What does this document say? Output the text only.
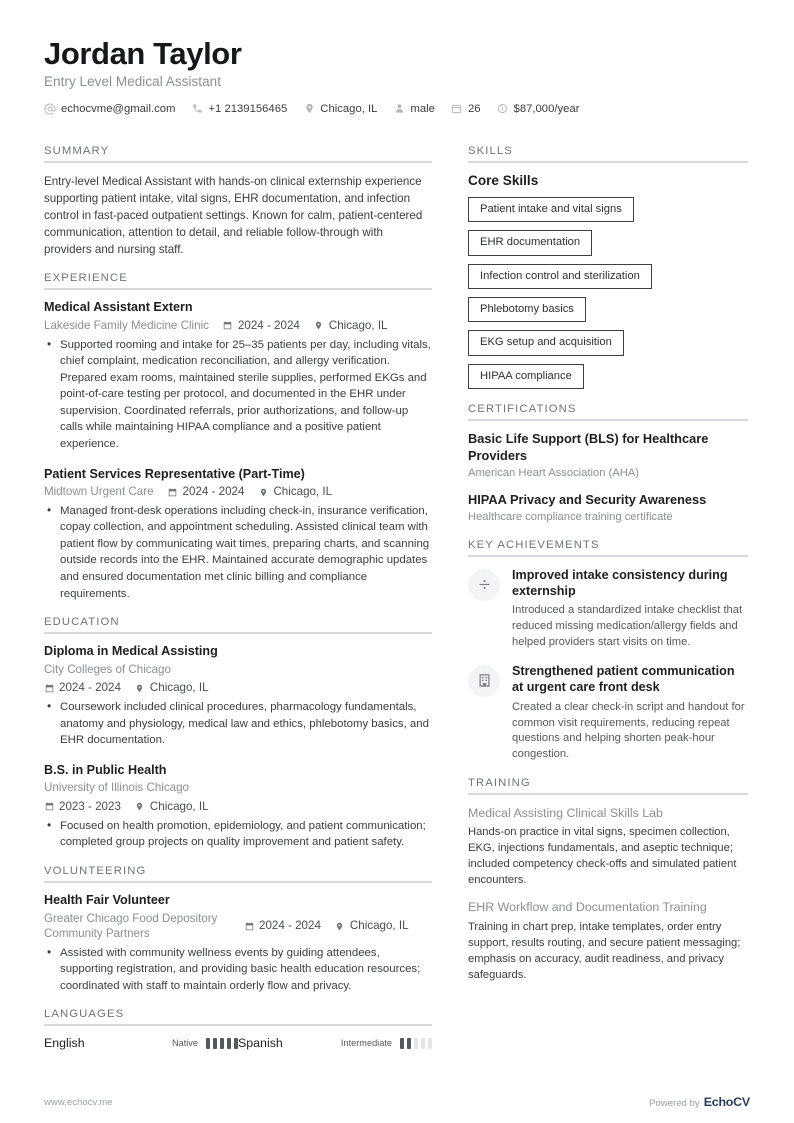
Jordan Taylor
Entry Level Medical Assistant
echocvme@gmail.com	+1 2139156465	Chicago, IL	male	26	$87,000/year
SUMMARY

Entry-level Medical Assistant with hands-on clinical externship experience supporting patient intake, vital signs, EHR documentation, and infection control in fast-paced outpatient settings. Known for calm, patient-centered communication, attention to detail, and reliable follow-through with providers and nursing staff.

EXPERIENCE
Medical Assistant Extern
Lakeside Family Medicine Clinic	2024 - 2024	Chicago, IL
• Supported rooming and intake for 25–35 patients per day, including vitals, chief complaint, medication reconciliation, and allergy verification. Prepared exam rooms, maintained sterile supplies, performed EKGs and point-of-care testing per protocol, and documented in the EHR under supervision. Coordinated referrals, prior authorizations, and follow-up calls while maintaining HIPAA compliance and a positive patient experience.
Patient Services Representative (Part-Time)
Midtown Urgent Care	2024 - 2024	Chicago, IL
• Managed front-desk operations including check-in, insurance verification, copay collection, and appointment scheduling. Assisted clinical team with patient flow by communicating wait times, preparing charts, and scanning outside records into the EHR. Maintained accurate demographic updates and ensured documentation met clinic billing and compliance requirements.
EDUCATION
Diploma in Medical Assisting
City Colleges of Chicago
2024 - 2024	Chicago, IL
• Coursework included clinical procedures, pharmacology fundamentals, anatomy and physiology, medical law and ethics, phlebotomy basics, and EHR documentation.
B.S. in Public Health
University of Illinois Chicago
2023 - 2023	Chicago, IL
• Focused on health promotion, epidemiology, and patient communication; completed group projects on quality improvement and patient safety.
VOLUNTEERING
Health Fair Volunteer
Greater Chicago Food Depository Community Partners
2024 - 2024	Chicago, IL
• Assisted with community wellness events by guiding attendees, supporting registration, and providing basic health education resources; coordinated with staff to maintain orderly flow and privacy.
LANGUAGES
English	Native	Spanish	Intermediate
SKILLS
Core Skills
Patient intake and vital signs
EHR documentation
Infection control and sterilization
Phlebotomy basics
EKG setup and acquisition
HIPAA compliance
CERTIFICATIONS
Basic Life Support (BLS) for Healthcare Providers
American Heart Association (AHA)
HIPAA Privacy and Security Awareness
Healthcare compliance training certificate
KEY ACHIEVEMENTS
Improved intake consistency during externship
Introduced a standardized intake checklist that reduced missing medication/allergy fields and helped providers start visits on time.
Strengthened patient communication at urgent care front desk
Created a clear check-in script and handout for common visit requirements, reducing repeat questions and helping shorten peak-hour congestion.
TRAINING
Medical Assisting Clinical Skills Lab
Hands-on practice in vital signs, specimen collection, EKG, injections fundamentals, and aseptic technique; included competency check-offs and simulated patient encounters.
EHR Workflow and Documentation Training
Training in chart prep, intake templates, order entry support, results routing, and secure patient messaging; emphasis on accuracy, audit readiness, and privacy safeguards.
www.echocv.me	Powered by EchoCV
